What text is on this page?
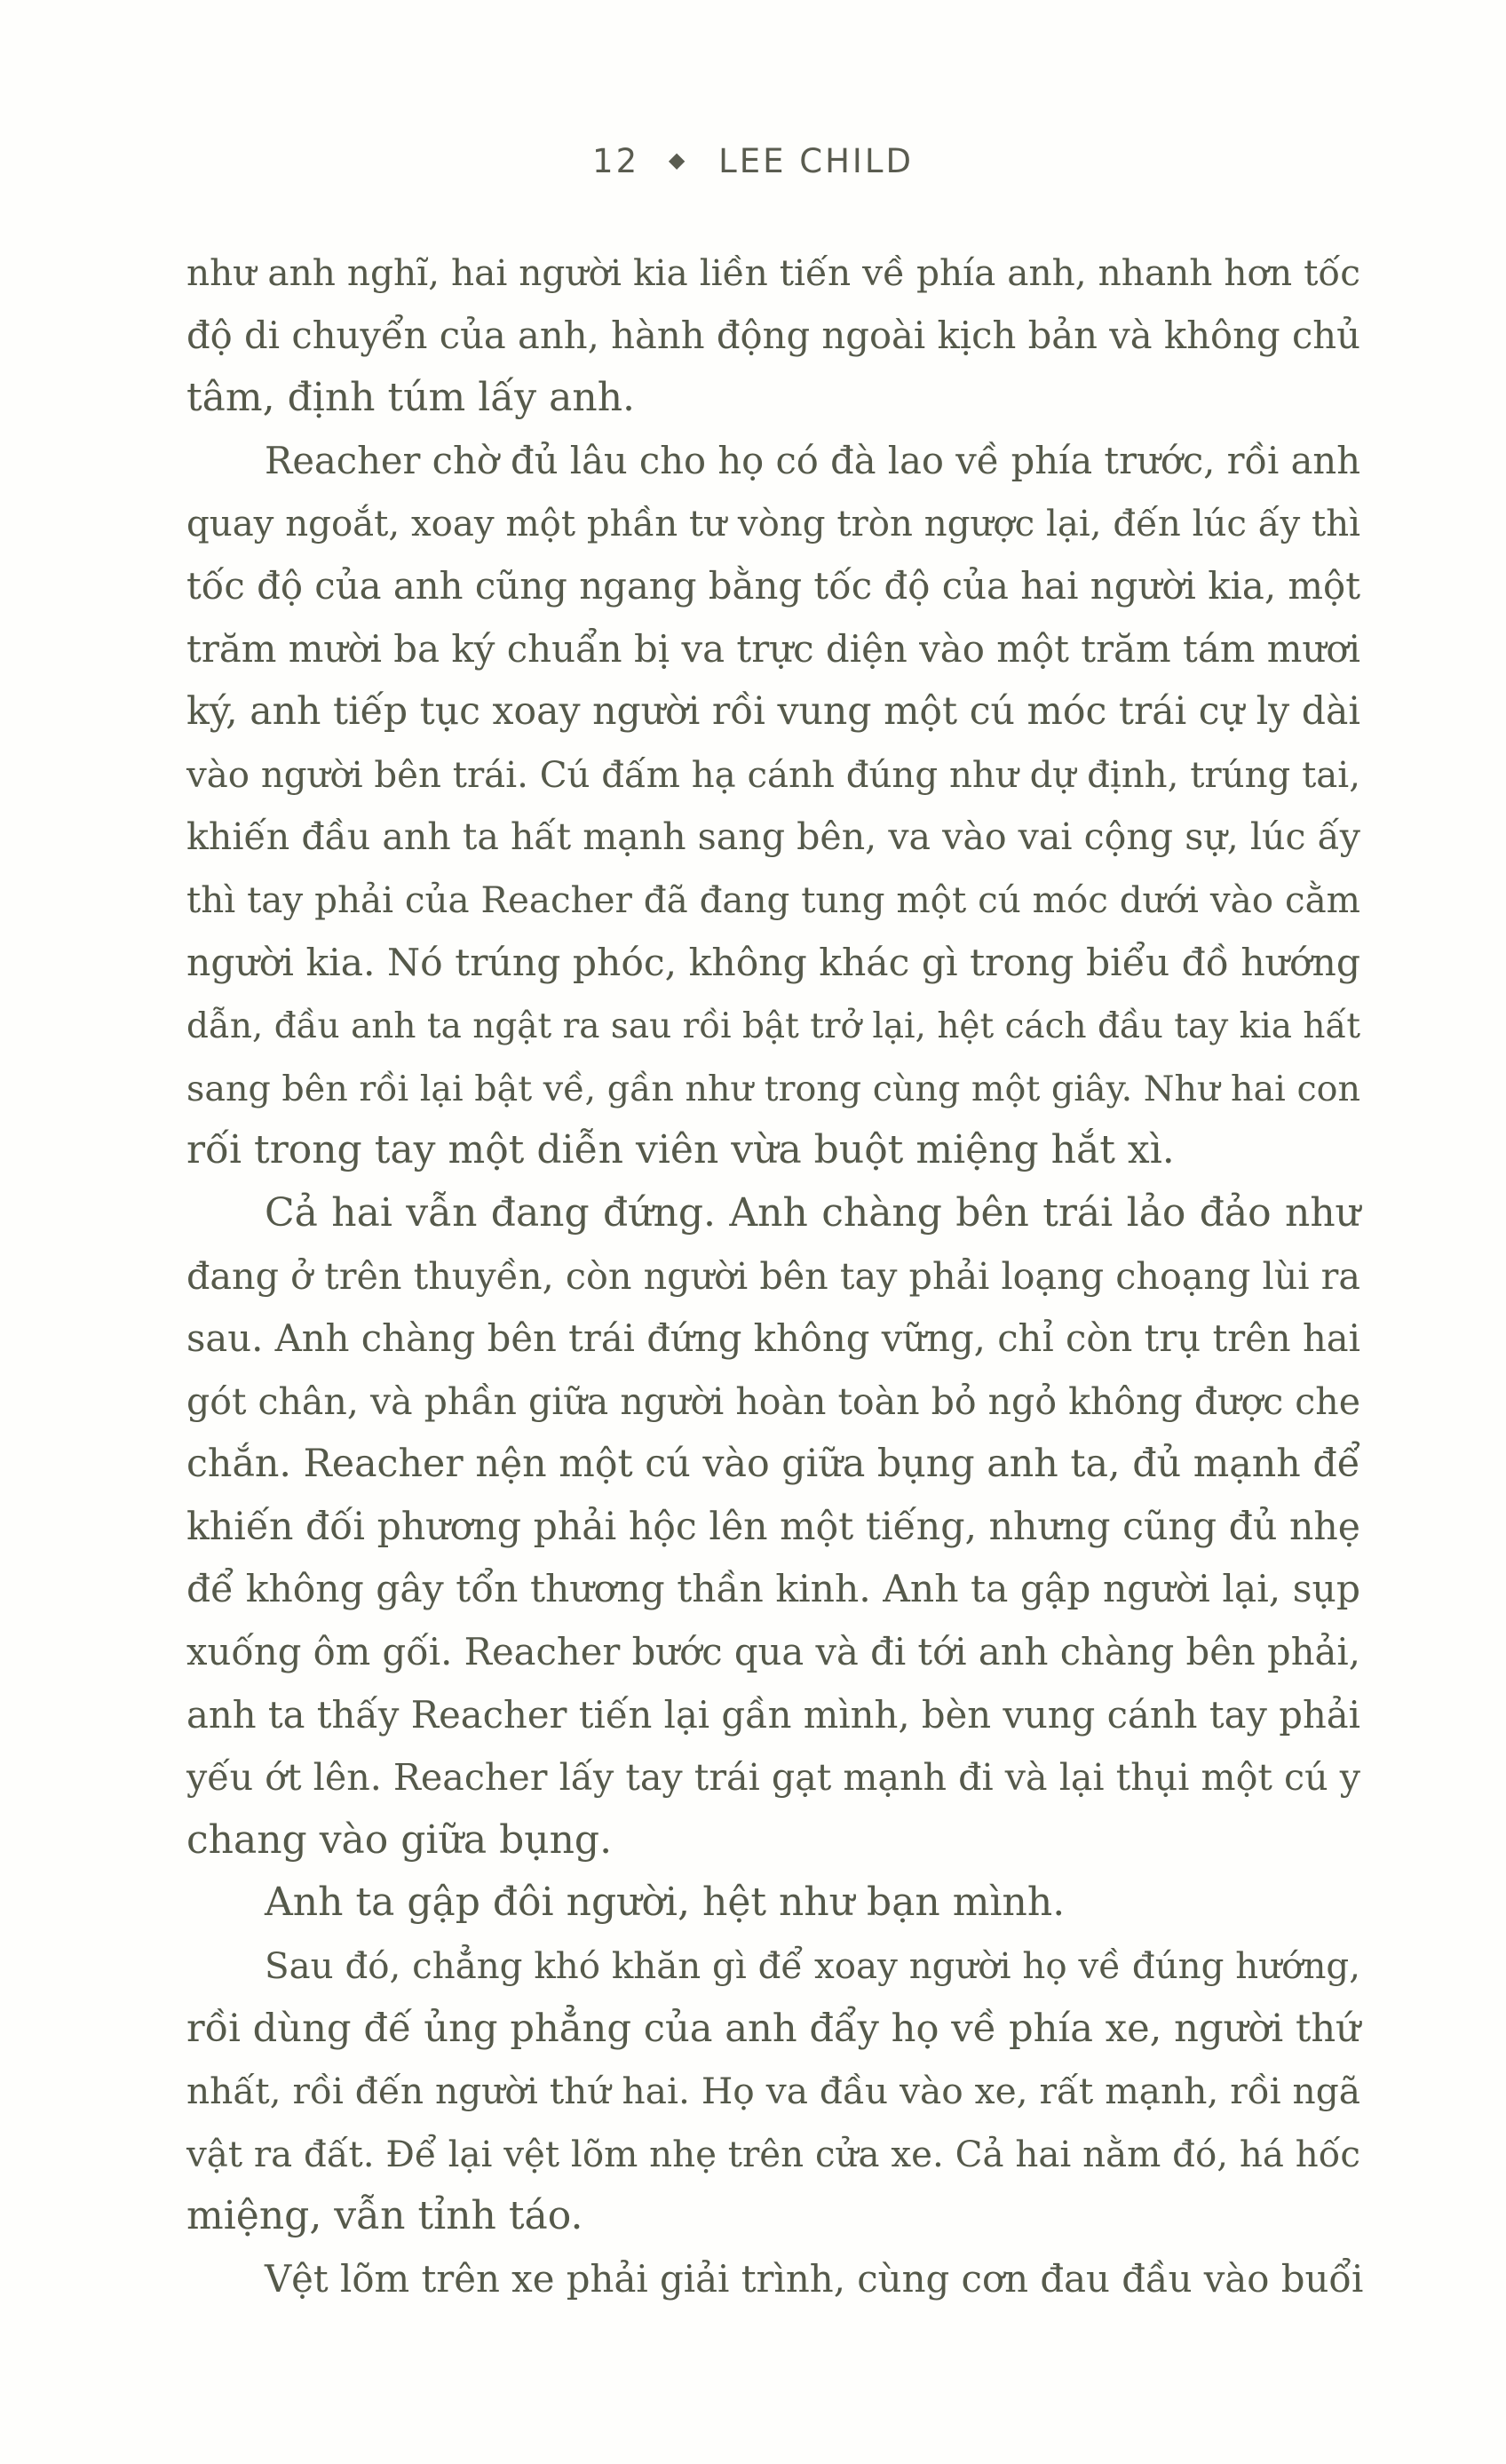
12 ◆ LEE CHILD
như anh nghĩ, hai người kia liền tiến về phía anh, nhanh hơn tốc
độ di chuyển của anh, hành động ngoài kịch bản và không chủ
tâm, định túm lấy anh.
Reacher chờ đủ lâu cho họ có đà lao về phía trước, rồi anh
quay ngoắt, xoay một phần tư vòng tròn ngược lại, đến lúc ấy thì
tốc độ của anh cũng ngang bằng tốc độ của hai người kia, một
trăm mười ba ký chuẩn bị va trực diện vào một trăm tám mươi
ký, anh tiếp tục xoay người rồi vung một cú móc trái cự ly dài
vào người bên trái. Cú đấm hạ cánh đúng như dự định, trúng tai,
khiến đầu anh ta hất mạnh sang bên, va vào vai cộng sự, lúc ấy
thì tay phải của Reacher đã đang tung một cú móc dưới vào cằm
người kia. Nó trúng phóc, không khác gì trong biểu đồ hướng
dẫn, đầu anh ta ngật ra sau rồi bật trở lại, hệt cách đầu tay kia hất
sang bên rồi lại bật về, gần như trong cùng một giây. Như hai con
rối trong tay một diễn viên vừa buột miệng hắt xì.
Cả hai vẫn đang đứng. Anh chàng bên trái lảo đảo như
đang ở trên thuyền, còn người bên tay phải loạng choạng lùi ra
sau. Anh chàng bên trái đứng không vững, chỉ còn trụ trên hai
gót chân, và phần giữa người hoàn toàn bỏ ngỏ không được che
chắn. Reacher nện một cú vào giữa bụng anh ta, đủ mạnh để
khiến đối phương phải hộc lên một tiếng, nhưng cũng đủ nhẹ
để không gây tổn thương thần kinh. Anh ta gập người lại, sụp
xuống ôm gối. Reacher bước qua và đi tới anh chàng bên phải,
anh ta thấy Reacher tiến lại gần mình, bèn vung cánh tay phải
yếu ớt lên. Reacher lấy tay trái gạt mạnh đi và lại thụi một cú y
chang vào giữa bụng.
Anh ta gập đôi người, hệt như bạn mình.
Sau đó, chẳng khó khăn gì để xoay người họ về đúng hướng,
rồi dùng đế ủng phẳng của anh đẩy họ về phía xe, người thứ
nhất, rồi đến người thứ hai. Họ va đầu vào xe, rất mạnh, rồi ngã
vật ra đất. Để lại vệt lõm nhẹ trên cửa xe. Cả hai nằm đó, há hốc
miệng, vẫn tỉnh táo.
Vệt lõm trên xe phải giải trình, cùng cơn đau đầu vào buổi
